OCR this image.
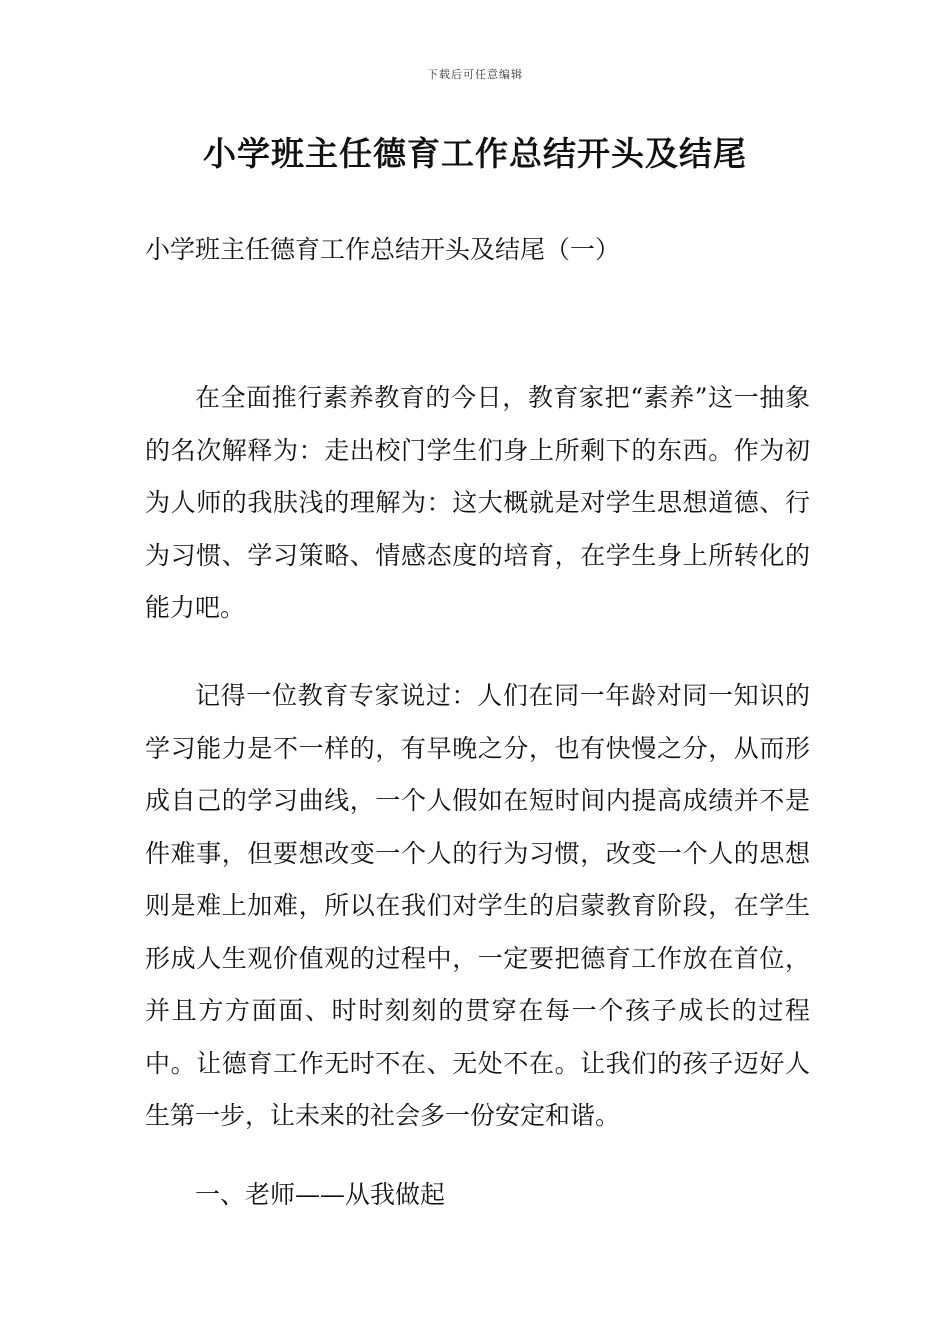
下载后可任意编辑
小学班主任德育工作总结开头及结尾

小学班主任德育工作总结开头及结尾（一）

在全面推行素养教育的今日，教育家把“素养”这一抽象的名次解释为：走出校门学生们身上所剩下的东西。作为初为人师的我肤浅的理解为：这大概就是对学生思想道德、行为习惯、学习策略、情感态度的培育，在学生身上所转化的能力吧。

记得一位教育专家说过：人们在同一年龄对同一知识的学习能力是不一样的，有早晚之分，也有快慢之分，从而形成自己的学习曲线，一个人假如在短时间内提高成绩并不是件难事，但要想改变一个人的行为习惯，改变一个人的思想则是难上加难，所以在我们对学生的启蒙教育阶段，在学生形成人生观价值观的过程中，一定要把德育工作放在首位，并且方方面面、时时刻刻的贯穿在每一个孩子成长的过程中。让德育工作无时不在、无处不在。让我们的孩子迈好人生第一步，让未来的社会多一份安定和谐。

一、老师——从我做起
